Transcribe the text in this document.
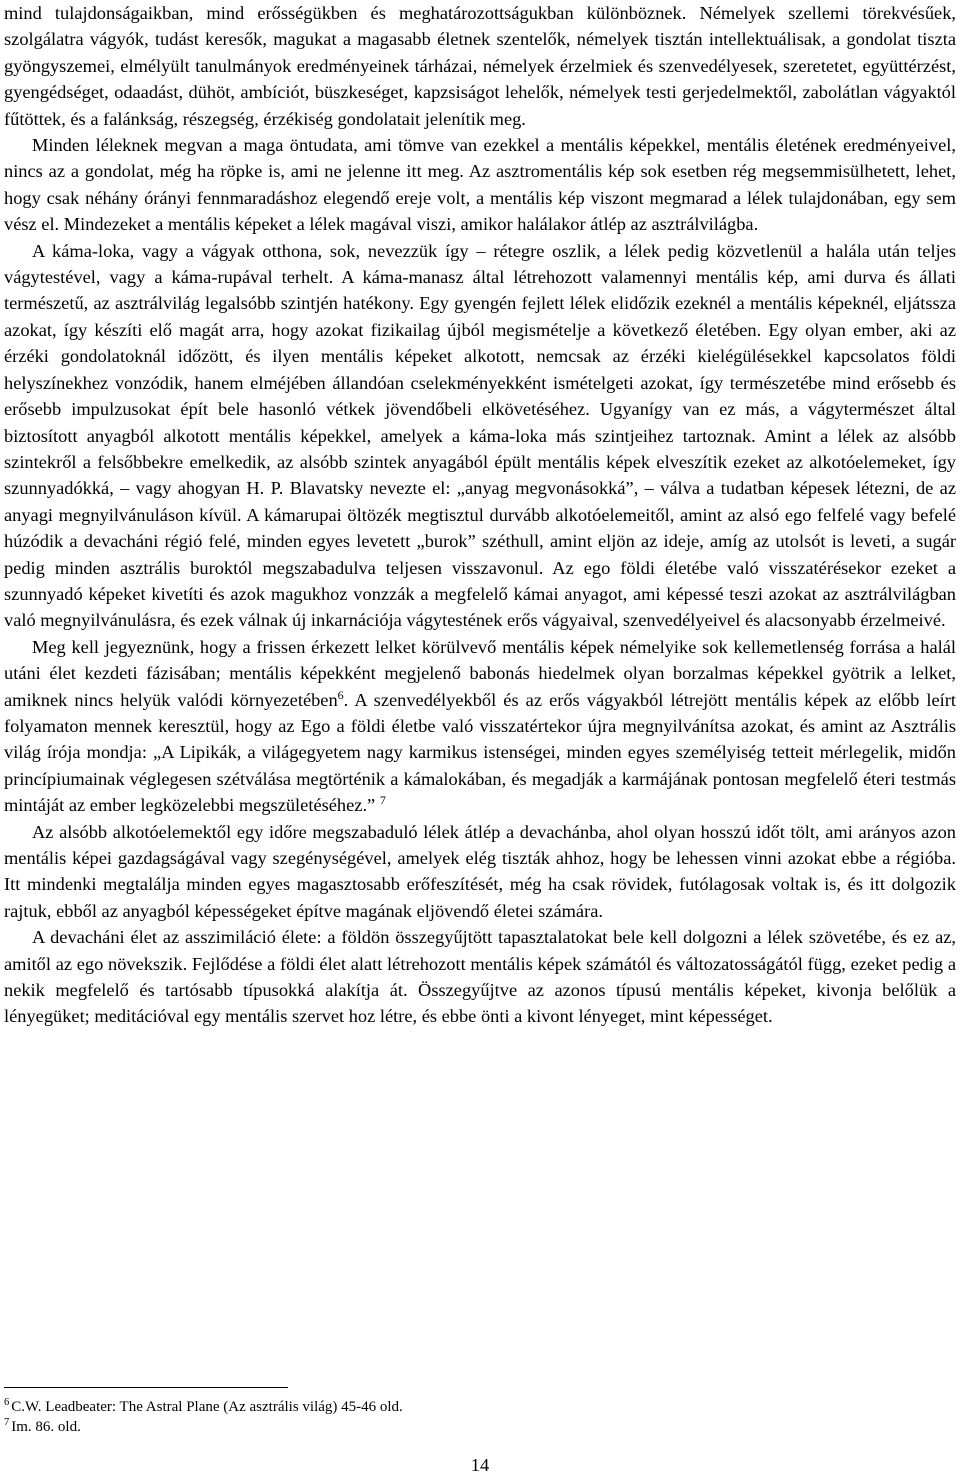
mind tulajdonságaikban, mind erősségükben és meghatározottságukban különböznek. Némelyek szellemi törekvésűek, szolgálatra vágyók, tudást keresők, magukat a magasabb életnek szentelők, némelyek tisztán intellektuálisak, a gondolat tiszta gyöngyszemei, elmélyült tanulmányok eredményeinek tárházai, némelyek érzelmiek és szenvedélyesek, szeretetet, együttérzést, gyengédséget, odaadást, dühöt, ambíciót, büszkeséget, kapzsiságot lehelők, némelyek testi gerjedelmektől, zabolátlan vágyaktól fűtöttek, és a falánkság, részegség, érzékiség gondolatait jelenítik meg.

Minden léleknek megvan a maga öntudata, ami tömve van ezekkel a mentális képekkel, mentális életének eredményeivel, nincs az a gondolat, még ha röpke is, ami ne jelenne itt meg. Az asztromentális kép sok esetben rég megsemmisülhetett, lehet, hogy csak néhány órányi fennmaradáshoz elegendő ereje volt, a mentális kép viszont megmarad a lélek tulajdonában, egy sem vész el. Mindezeket a mentális képeket a lélek magával viszi, amikor halálakor átlép az asztrálvilágba.

A káma-loka, vagy a vágyak otthona, sok, nevezzük így – rétegre oszlik, a lélek pedig közvetlenül a halála után teljes vágytestével, vagy a káma-rupával terhelt. A káma-manasz által létrehozott valamennyi mentális kép, ami durva és állati természetű, az asztrálvilág legalsóbb szintjén hatékony. Egy gyengén fejlett lélek elidőzik ezeknél a mentális képeknél, eljátssza azokat, így készíti elő magát arra, hogy azokat fizikailag újból megismételje a következő életében. Egy olyan ember, aki az érzéki gondolatoknál időzött, és ilyen mentális képeket alkotott, nemcsak az érzéki kielégülésekkel kapcsolatos földi helyszínekhez vonzódik, hanem elméjében állandóan cselekményekként ismételgeti azokat, így természetébe mind erősebb és erősebb impulzusokat épít bele hasonló vétkek jövendőbeli elkövetéséhez. Ugyanígy van ez más, a vágytermészet által biztosított anyagból alkotott mentális képekkel, amelyek a káma-loka más szintjeihez tartoznak. Amint a lélek az alsóbb szintekről a felsőbbekre emelkedik, az alsóbb szintek anyagából épült mentális képek elveszítik ezeket az alkotóelemeket, így szunnyadókká, – vagy ahogyan H. P. Blavatsky nevezte el: „anyag megvonásokká”, – válva a tudatban képesek létezni, de az anyagi megnyilvánuláson kívül. A kámarupai öltözék megtisztul durvább alkotóelemeitől, amint az alsó ego felfelé vagy befelé húzódik a devacháni régió felé, minden egyes levetett „burok” széthull, amint eljön az ideje, amíg az utolsót is leveti, a sugár pedig minden asztrális buroktól megszabadulva teljesen visszavonul. Az ego földi életébe való visszatérésekor ezeket a szunnyadó képeket kivetíti és azok magukhoz vonzzák a megfelelő kámai anyagot, ami képessé teszi azokat az asztrálvilágban való megnyilvánulásra, és ezek válnak új inkarnációja vágytestének erős vágyaival, szenvedélyeivel és alacsonyabb érzelmeivé.

Meg kell jegyeznünk, hogy a frissen érkezett lelket körülvevő mentális képek némelyike sok kellemetlenség forrása a halál utáni élet kezdeti fázisában; mentális képekként megjelenő babonás hiedelmek olyan borzalmas képekkel gyötrik a lelket, amiknek nincs helyük valódi környezetében$^6$. A szenvedélyekből és az erős vágyakból létrejött mentális képek az előbb leírt folyamaton mennek keresztül, hogy az Ego a földi életbe való visszatértekor újra megnyilvánítsa azokat, és amint az Asztrális világ írója mondja: „A Lipikák, a világegyetem nagy karmikus istenségei, minden egyes személyiség tetteit mérlegelik, midőn princípiumainak véglegesen szétválása megtörténik a kámalokában, és megadják a karmájának pontosan megfelelő éteri testmás mintáját az ember legközelebbi megszületéséhez.” $^7$

Az alsóbb alkotóelemektől egy időre megszabaduló lélek átlép a devachánba, ahol olyan hosszú időt tölt, ami arányos azon mentális képei gazdagságával vagy szegénységével, amelyek elég tiszták ahhoz, hogy be lehessen vinni azokat ebbe a régióba. Itt mindenki megtalálja minden egyes magasztosabb erőfeszítését, még ha csak rövidek, futólagosak voltak is, és itt dolgozik rajtuk, ebből az anyagból képességeket építve magának eljövendő életei számára.

A devacháni élet az asszimiláció élete: a földön összegyűjtött tapasztalatokat bele kell dolgozni a lélek szövetébe, és ez az, amitől az ego növekszik. Fejlődése a földi élet alatt létrehozott mentális képek számától és változatosságától függ, ezeket pedig a nekik megfelelő és tartósabb típusokká alakítja át. Összegyűjtve az azonos típusú mentális képeket, kivonja belőlük a lényegüket; meditációval egy mentális szervet hoz létre, és ebbe önti a kivont lényeget, mint képességet.

$^6$ C.W. Leadbeater: The Astral Plane (Az asztrális világ) 45-46 old.

$^7$ Im. 86. old.

14
